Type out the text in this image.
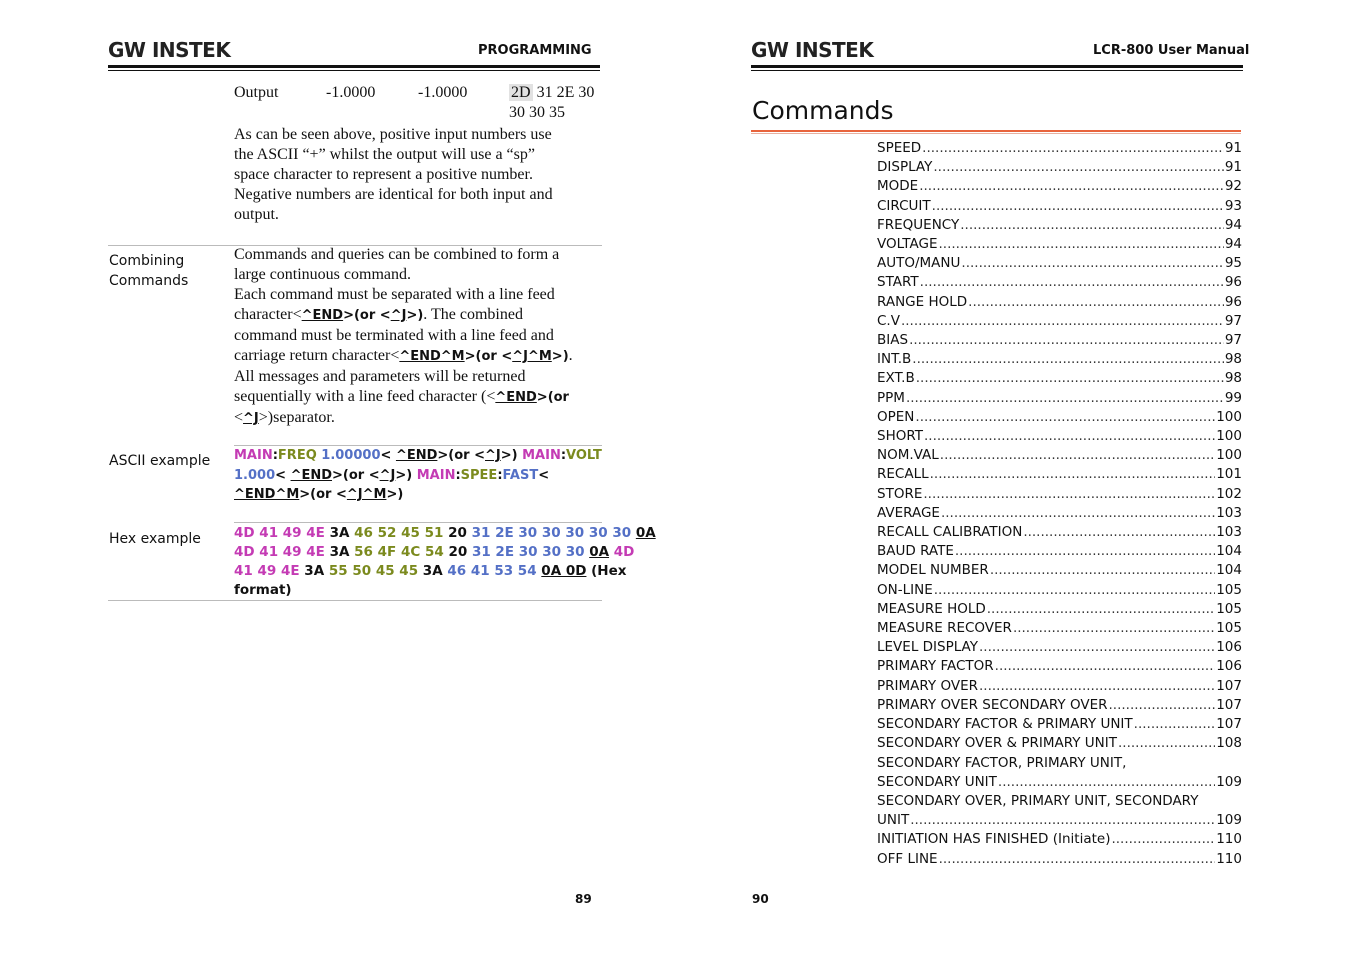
GW INSTEK	PROGRAMMING
Output	-1.0000	-1.0000	2D 31 2E 30
30 30 35
As can be seen above, positive input numbers use
the ASCII “+” whilst the output will use a “sp”
space character to represent a positive number.
Negative numbers are identical for both input and
output.
Combining
Commands
Commands and queries can be combined to form a
large continuous command.
Each command must be separated with a line feed
character<^END>(or <^J>). The combined
command must be terminated with a line feed and
carriage return character<^END^M>(or <^J^M>).
All messages and parameters will be returned
sequentially with a line feed character (<^END>(or
<^J>)separator.
ASCII example MAIN:FREQ 1.00000< ^END>(or <^J>) MAIN:VOLT
1.000< ^END>(or <^J>) MAIN:SPEE:FAST<
^END^M>(or <^J^M>)
Hex example 4D 41 49 4E 3A 46 52 45 51 20 31 2E 30 30 30 30 30 0A
4D 41 49 4E 3A 56 4F 4C 54 20 31 2E 30 30 30 0A 4D
41 49 4E 3A 55 50 45 45 3A 46 41 53 54 0A 0D (Hex
format)
89
GW INSTEK	LCR-800 User Manual
Commands
SPEED .....	91
DISPLAY .....	91
MODE .....	92
CIRCUIT .....	93
FREQUENCY .....	94
VOLTAGE .....	94
AUTO/MANU .....	95
START .....	96
RANGE HOLD .....	96
C.V .....	97
BIAS .....	97
INT.B .....	98
EXT.B .....	98
PPM .....	99
OPEN .....	100
SHORT .....	100
NOM.VAL .....	100
RECALL .....	101
STORE .....	102
AVERAGE .....	103
RECALL CALIBRATION .....	103
BAUD RATE .....	104
MODEL NUMBER .....	104
ON-LINE .....	105
MEASURE HOLD .....	105
MEASURE RECOVER .....	105
LEVEL DISPLAY .....	106
PRIMARY FACTOR .....	106
PRIMARY OVER .....	107
PRIMARY OVER SECONDARY OVER .....	107
SECONDARY FACTOR & PRIMARY UNIT .....	107
SECONDARY OVER & PRIMARY UNIT .....	108
SECONDARY FACTOR, PRIMARY UNIT,
SECONDARY UNIT .....	109
SECONDARY OVER, PRIMARY UNIT, SECONDARY
UNIT .....	109
INITIATION HAS FINISHED (Initiate) .....	110
OFF LINE .....	110
90
